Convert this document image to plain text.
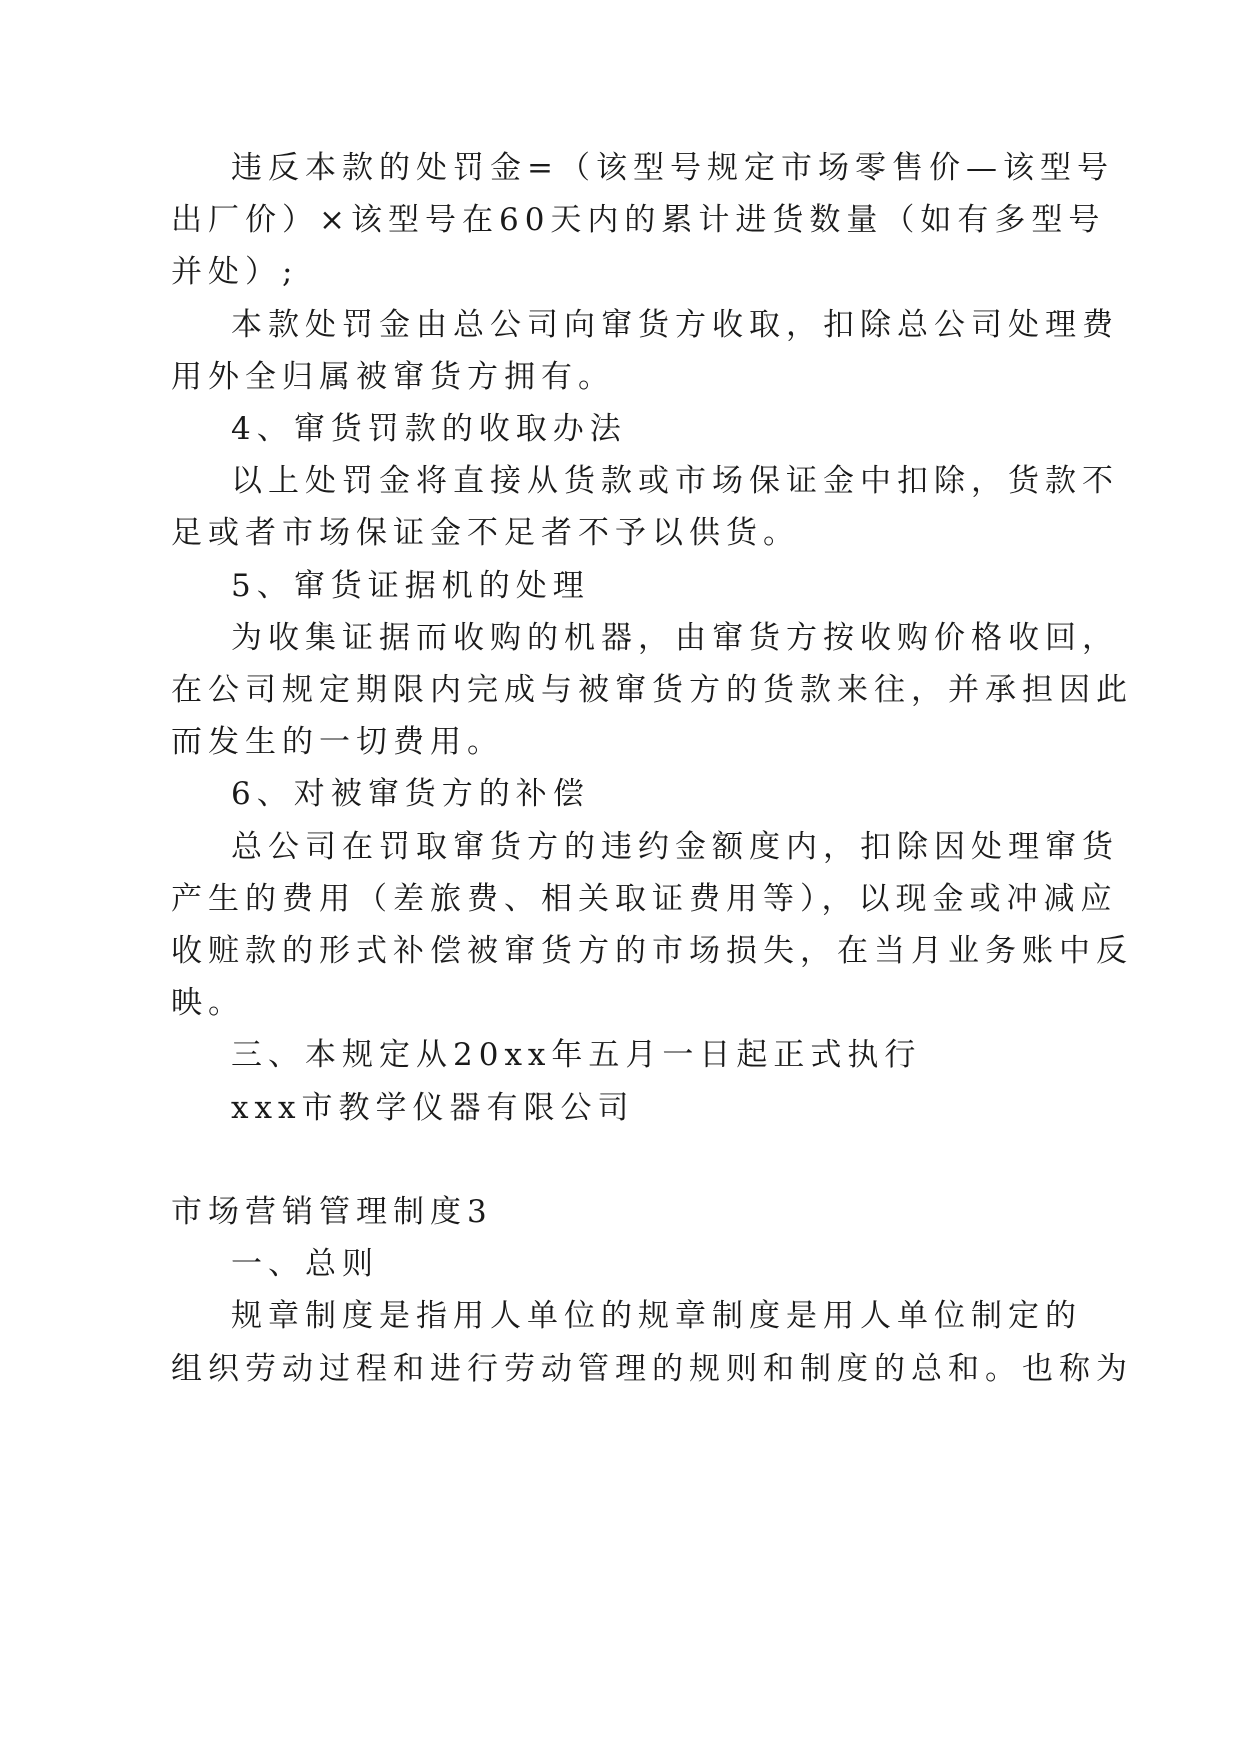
违反本款的处罚金=（该型号规定市场零售价—该型号
出厂价）×该型号在60天内的累计进货数量（如有多型号
并处）;
本款处罚金由总公司向窜货方收取，扣除总公司处理费
用外全归属被窜货方拥有。
4、窜货罚款的收取办法
以上处罚金将直接从货款或市场保证金中扣除，货款不
足或者市场保证金不足者不予以供货。
5、窜货证据机的处理
为收集证据而收购的机器，由窜货方按收购价格收回，
在公司规定期限内完成与被窜货方的货款来往，并承担因此
而发生的一切费用。
6、对被窜货方的补偿
总公司在罚取窜货方的违约金额度内，扣除因处理窜货
产生的费用（差旅费、相关取证费用等），以现金或冲减应
收赃款的形式补偿被窜货方的市场损失，在当月业务账中反
映。
三、本规定从20xx年五月一日起正式执行
xxx市教学仪器有限公司
市场营销管理制度3
一、总则
规章制度是指用人单位的规章制度是用人单位制定的
组织劳动过程和进行劳动管理的规则和制度的总和。也称为
